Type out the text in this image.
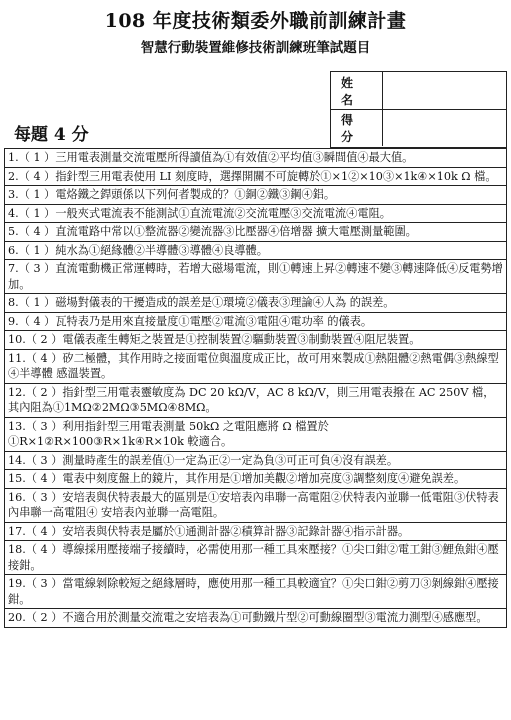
108 年度技術類委外職前訓練計畫
智慧行動裝置維修技術訓練班筆試題目
姓 名
得 分
每題 4 分
1.（ 1 ）三用電表測量交流電壓所得讀值為①有效值②平均值③瞬間值④最大值。
2.（ 4 ）指針型三用電表使用 LI 刻度時，選擇開關不可旋轉於①×1②×10③×1k④×10k Ω 檔。
3.（ 1 ）電烙鐵之銲頭係以下列何者製成的？①銅②鐵③鋼④鋁。
4.（ 1 ）一般夾式電流表不能測試①直流電流②交流電壓③交流電流④電阻。
5.（ 4 ）直流電路中常以①整流器②變流器③比壓器④倍增器 擴大電壓測量範圍。
6.（ 1 ）純水為①絕緣體②半導體③導體④良導體。
7.（ 3 ）直流電動機正常運轉時，若增大磁場電流，則①轉速上昇②轉速不變③轉速降低④反電勢增加。
8.（ 1 ）磁場對儀表的干擾造成的誤差是①環境②儀表③理論④人為 的誤差。
9.（ 4 ）瓦特表乃是用來直接量度①電壓②電流③電阻④電功率 的儀表。
10.（ 2 ）電儀表產生轉矩之裝置是①控制裝置②驅動裝置③制動裝置④阻尼裝置。
11.（ 4 ）矽二極體，其作用時之接面電位與溫度成正比，故可用來製成①熱阻體②熱電偶③熱線型④半導體 感溫裝置。
12.（ 2 ）指針型三用電表靈敏度為 DC 20 kΩ/V，AC 8 kΩ/V，則三用電表撥在 AC 250V 檔，其內阻為①1MΩ②2MΩ③5MΩ④8MΩ。
13.（ 3 ）利用指針型三用電表測量 50kΩ 之電阻應將 Ω 檔置於①R×1②R×100③R×1k④R×10k 較適合。
14.（ 3 ）測量時產生的誤差值①一定為正②一定為負③可正可負④沒有誤差。
15.（ 4 ）電表中刻度盤上的鏡片，其作用是①增加美觀②增加亮度③調整刻度④避免誤差。
16.（ 3 ）安培表與伏特表最大的區別是①安培表內串聯一高電阻②伏特表內並聯一低電阻③伏特表內串聯一高電阻④ 安培表內並聯一高電阻。
17.（ 4 ）安培表與伏特表是屬於①通測計器②積算計器③記錄計器④指示計器。
18.（ 4 ）導線採用壓接端子接續時，必需使用那一種工具來壓接？①尖口鉗②電工鉗③鯉魚鉗④壓接鉗。
19.（ 3 ）當電線剝除較短之絕緣層時，應使用那一種工具較適宜？①尖口鉗②剪刀③剝線鉗④壓接鉗。
20.（ 2 ）不適合用於測量交流電之安培表為①可動鐵片型②可動線圈型③電流力測型④感應型。
